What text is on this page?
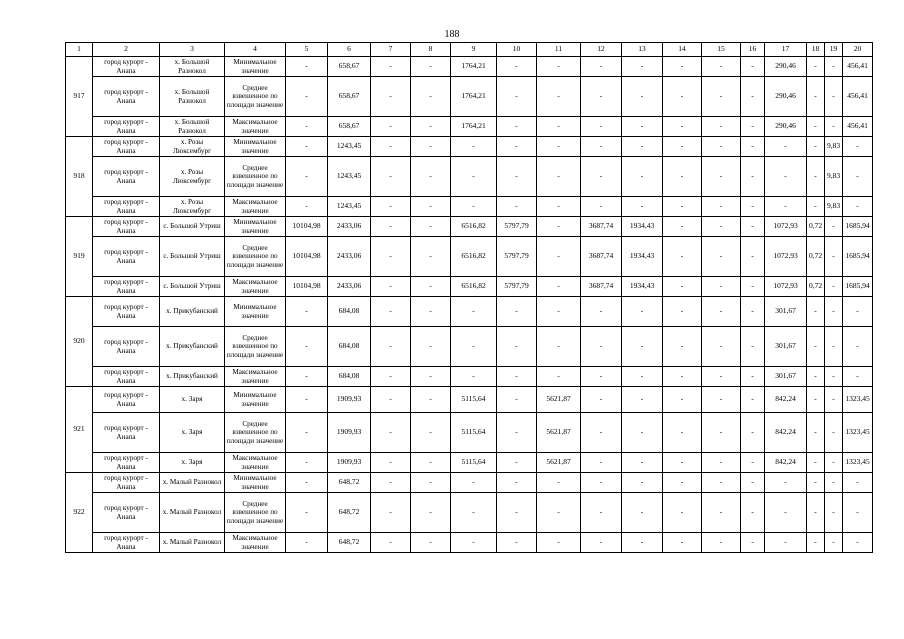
188
1	2	3	4	5	6	7	8	9	10	11	12	13	14	15	16	17	18	19	20
917	город курорт - Анапа	х. Большой Разнокол	Минимальное значение	-	658,67	-	-	1764,21	-	-	-	-	-	-	-	290,46	-	-	456,41
	город курорт - Анапа	х. Большой Разнокол	Среднее взвешенное по площади значение	-	658,67	-	-	1764,21	-	-	-	-	-	-	-	290,46	-	-	456,41
	город курорт - Анапа	х. Большой Разнокол	Максимальное значение	-	658,67	-	-	1764,21	-	-	-	-	-	-	-	290,46	-	-	456,41
918	город курорт - Анапа	х. Розы Люксембург	Минимальное значение	-	1243,45	-	-	-	-	-	-	-	-	-	-	-	-	9,83	-
	город курорт - Анапа	х. Розы Люксембург	Среднее взвешенное по площади значение	-	1243,45	-	-	-	-	-	-	-	-	-	-	-	-	9,83	-
	город курорт - Анапа	х. Розы Люксембург	Максимальное значение	-	1243,45	-	-	-	-	-	-	-	-	-	-	-	-	9,83	-
919	город курорт - Анапа	с. Большой Утриш	Минимальное значение	10104,98	2433,06	-	-	6516,82	5797,79	-	3687,74	1934,43	-	-	-	1072,93	0,72	-	1685,94
	город курорт - Анапа	с. Большой Утриш	Среднее взвешенное по площади значение	10104,98	2433,06	-	-	6516,82	5797,79	-	3687,74	1934,43	-	-	-	1072,93	0,72	-	1685,94
	город курорт - Анапа	с. Большой Утриш	Максимальное значение	10104,98	2433,06	-	-	6516,82	5797,79	-	3687,74	1934,43	-	-	-	1072,93	0,72	-	1685,94
920	город курорт - Анапа	х. Прикубанский	Минимальное значение	-	684,08	-	-	-	-	-	-	-	-	-	-	301,67	-	-	-
	город курорт - Анапа	х. Прикубанский	Среднее взвешенное по площади значение	-	684,08	-	-	-	-	-	-	-	-	-	-	301,67	-	-	-
	город курорт - Анапа	х. Прикубанский	Максимальное значение	-	684,08	-	-	-	-	-	-	-	-	-	-	301,67	-	-	-
921	город курорт - Анапа	х. Заря	Минимальное значение	-	1909,93	-	-	5115,64	-	5621,87	-	-	-	-	-	842,24	-	-	1323,45
	город курорт - Анапа	х. Заря	Среднее взвешенное по площади значение	-	1909,93	-	-	5115,64	-	5621,87	-	-	-	-	-	842,24	-	-	1323,45
	город курорт - Анапа	х. Заря	Максимальное значение	-	1909,93	-	-	5115,64	-	5621,87	-	-	-	-	-	842,24	-	-	1323,45
922	город курорт - Анапа	х. Малый Разнокол	Минимальное значение	-	648,72	-	-	-	-	-	-	-	-	-	-	-	-	-	-
	город курорт - Анапа	х. Малый Разнокол	Среднее взвешенное по площади значение	-	648,72	-	-	-	-	-	-	-	-	-	-	-	-	-	-
	город курорт - Анапа	х. Малый Разнокол	Максимальное значение	-	648,72	-	-	-	-	-	-	-	-	-	-	-	-	-	-
